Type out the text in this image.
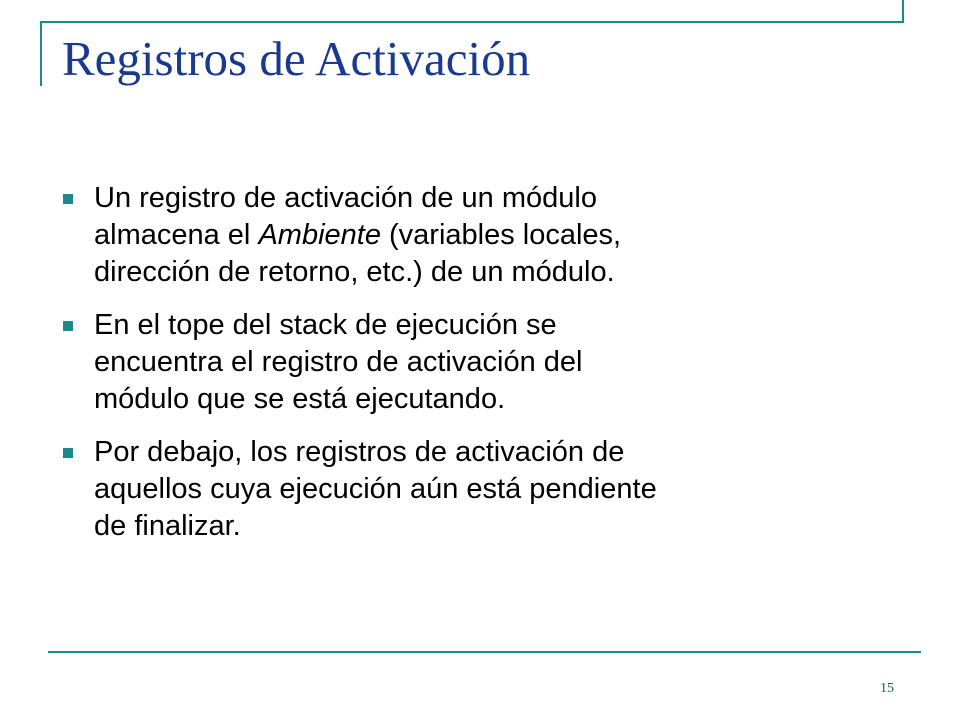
Registros de Activación
Un registro de activación de un módulo
almacena el Ambiente (variables locales,
dirección de retorno, etc.) de un módulo.
En el tope del stack de ejecución se
encuentra el registro de activación del
módulo que se está ejecutando.
Por debajo, los registros de activación de
aquellos cuya ejecución aún está pendiente
de finalizar.
15
